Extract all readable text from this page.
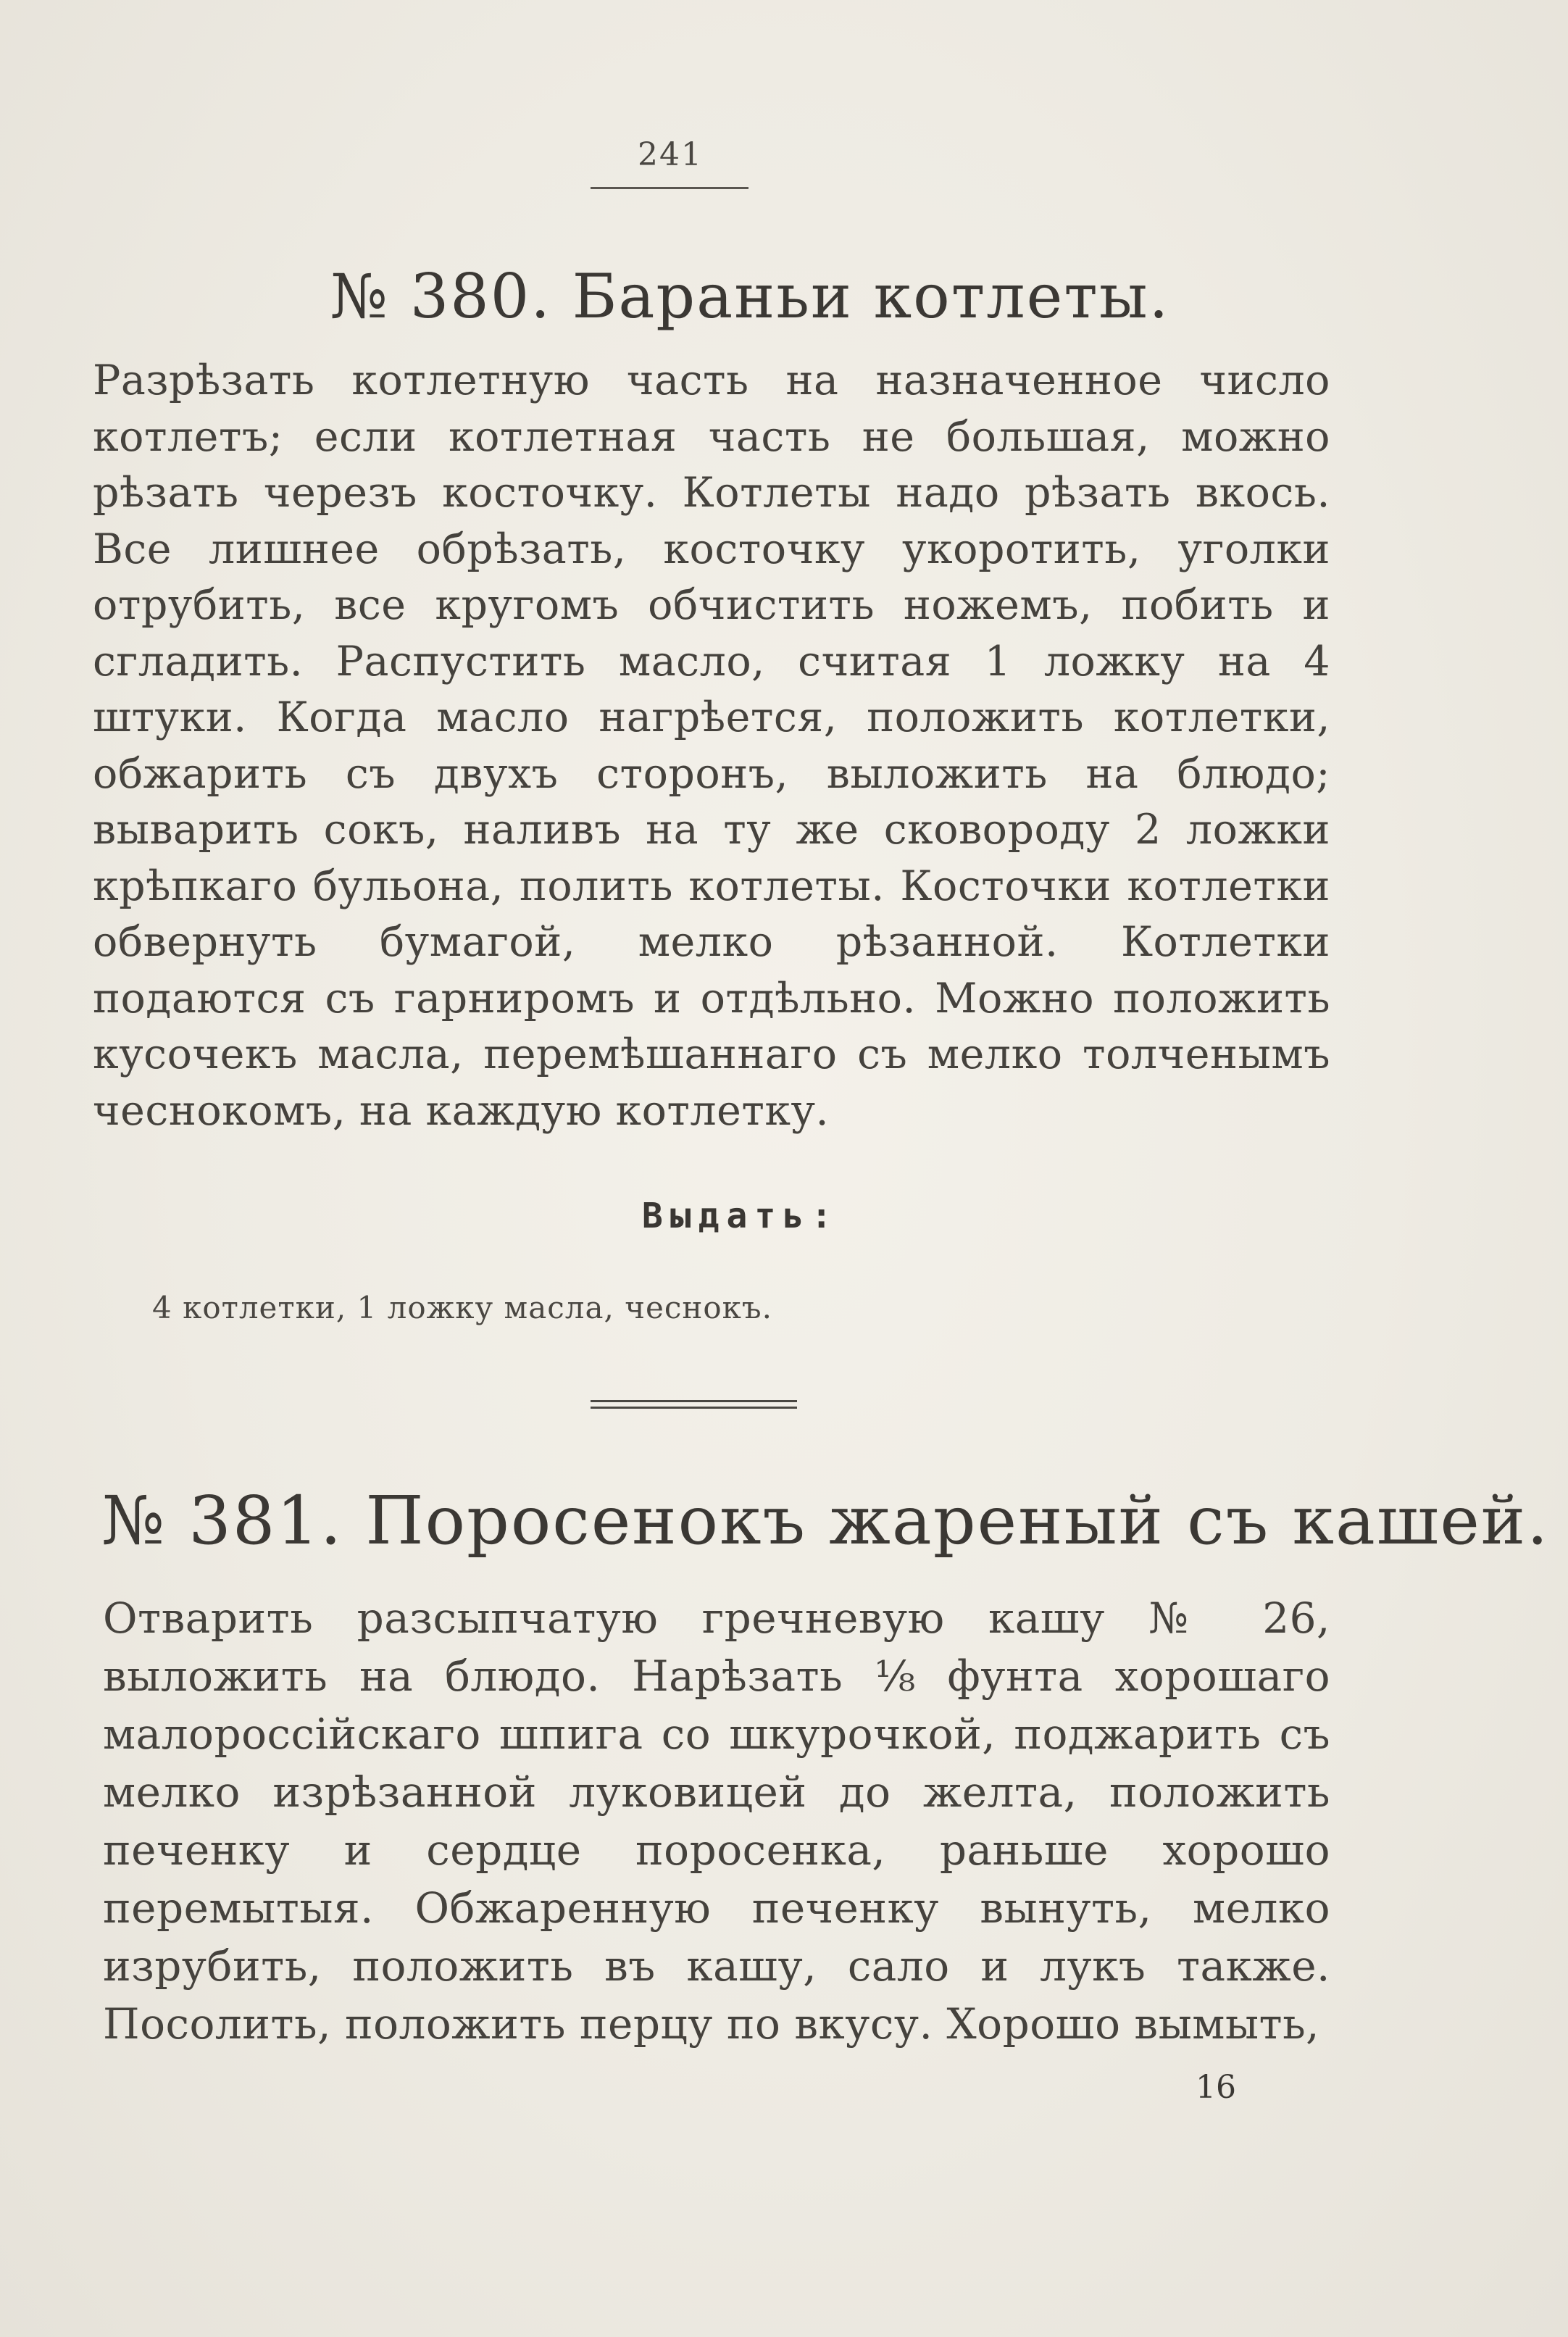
241
№ 380. Бараньи котлеты.
Разрѣзать котлетную часть на назначенное число котлетъ; если котлетная часть не большая, можно рѣзать черезъ косточку. Котлеты надо рѣзать вкось. Все лишнее обрѣзать, косточку укоротить, уголки отрубить, все кругомъ обчистить ножемъ, побить и сгладить. Распустить масло, считая 1 ложку на 4 штуки. Когда масло нагрѣется, положить котлетки, обжарить съ двухъ сторонъ, выложить на блюдо; выварить сокъ, наливъ на ту же сковороду 2 ложки крѣпкаго бульона, полить котлеты. Косточки котлетки обвернуть бумагой, мелко рѣзанной. Котлетки подаются съ гарниромъ и отдѣльно. Можно положить кусочекъ масла, перемѣшаннаго съ мелко толченымъ чеснокомъ, на каждую котлетку.
Выдать:
4 котлетки, 1 ложку масла, чеснокъ.
№ 381. Поросенокъ жареный съ кашей.
Отварить разсыпчатую гречневую кашу № 26, выложить на блюдо. Нарѣзать ⅛ фунта хорошаго малороссійскаго шпига со шкурочкой, поджарить съ мелко изрѣзанной луковицей до желта, положить печенку и сердце поросенка, раньше хорошо перемытыя. Обжаренную печенку вынуть, мелко изрубить, положить въ кашу, сало и лукъ также. Посолить, положить перцу по вкусу. Хорошо вымыть,
16
